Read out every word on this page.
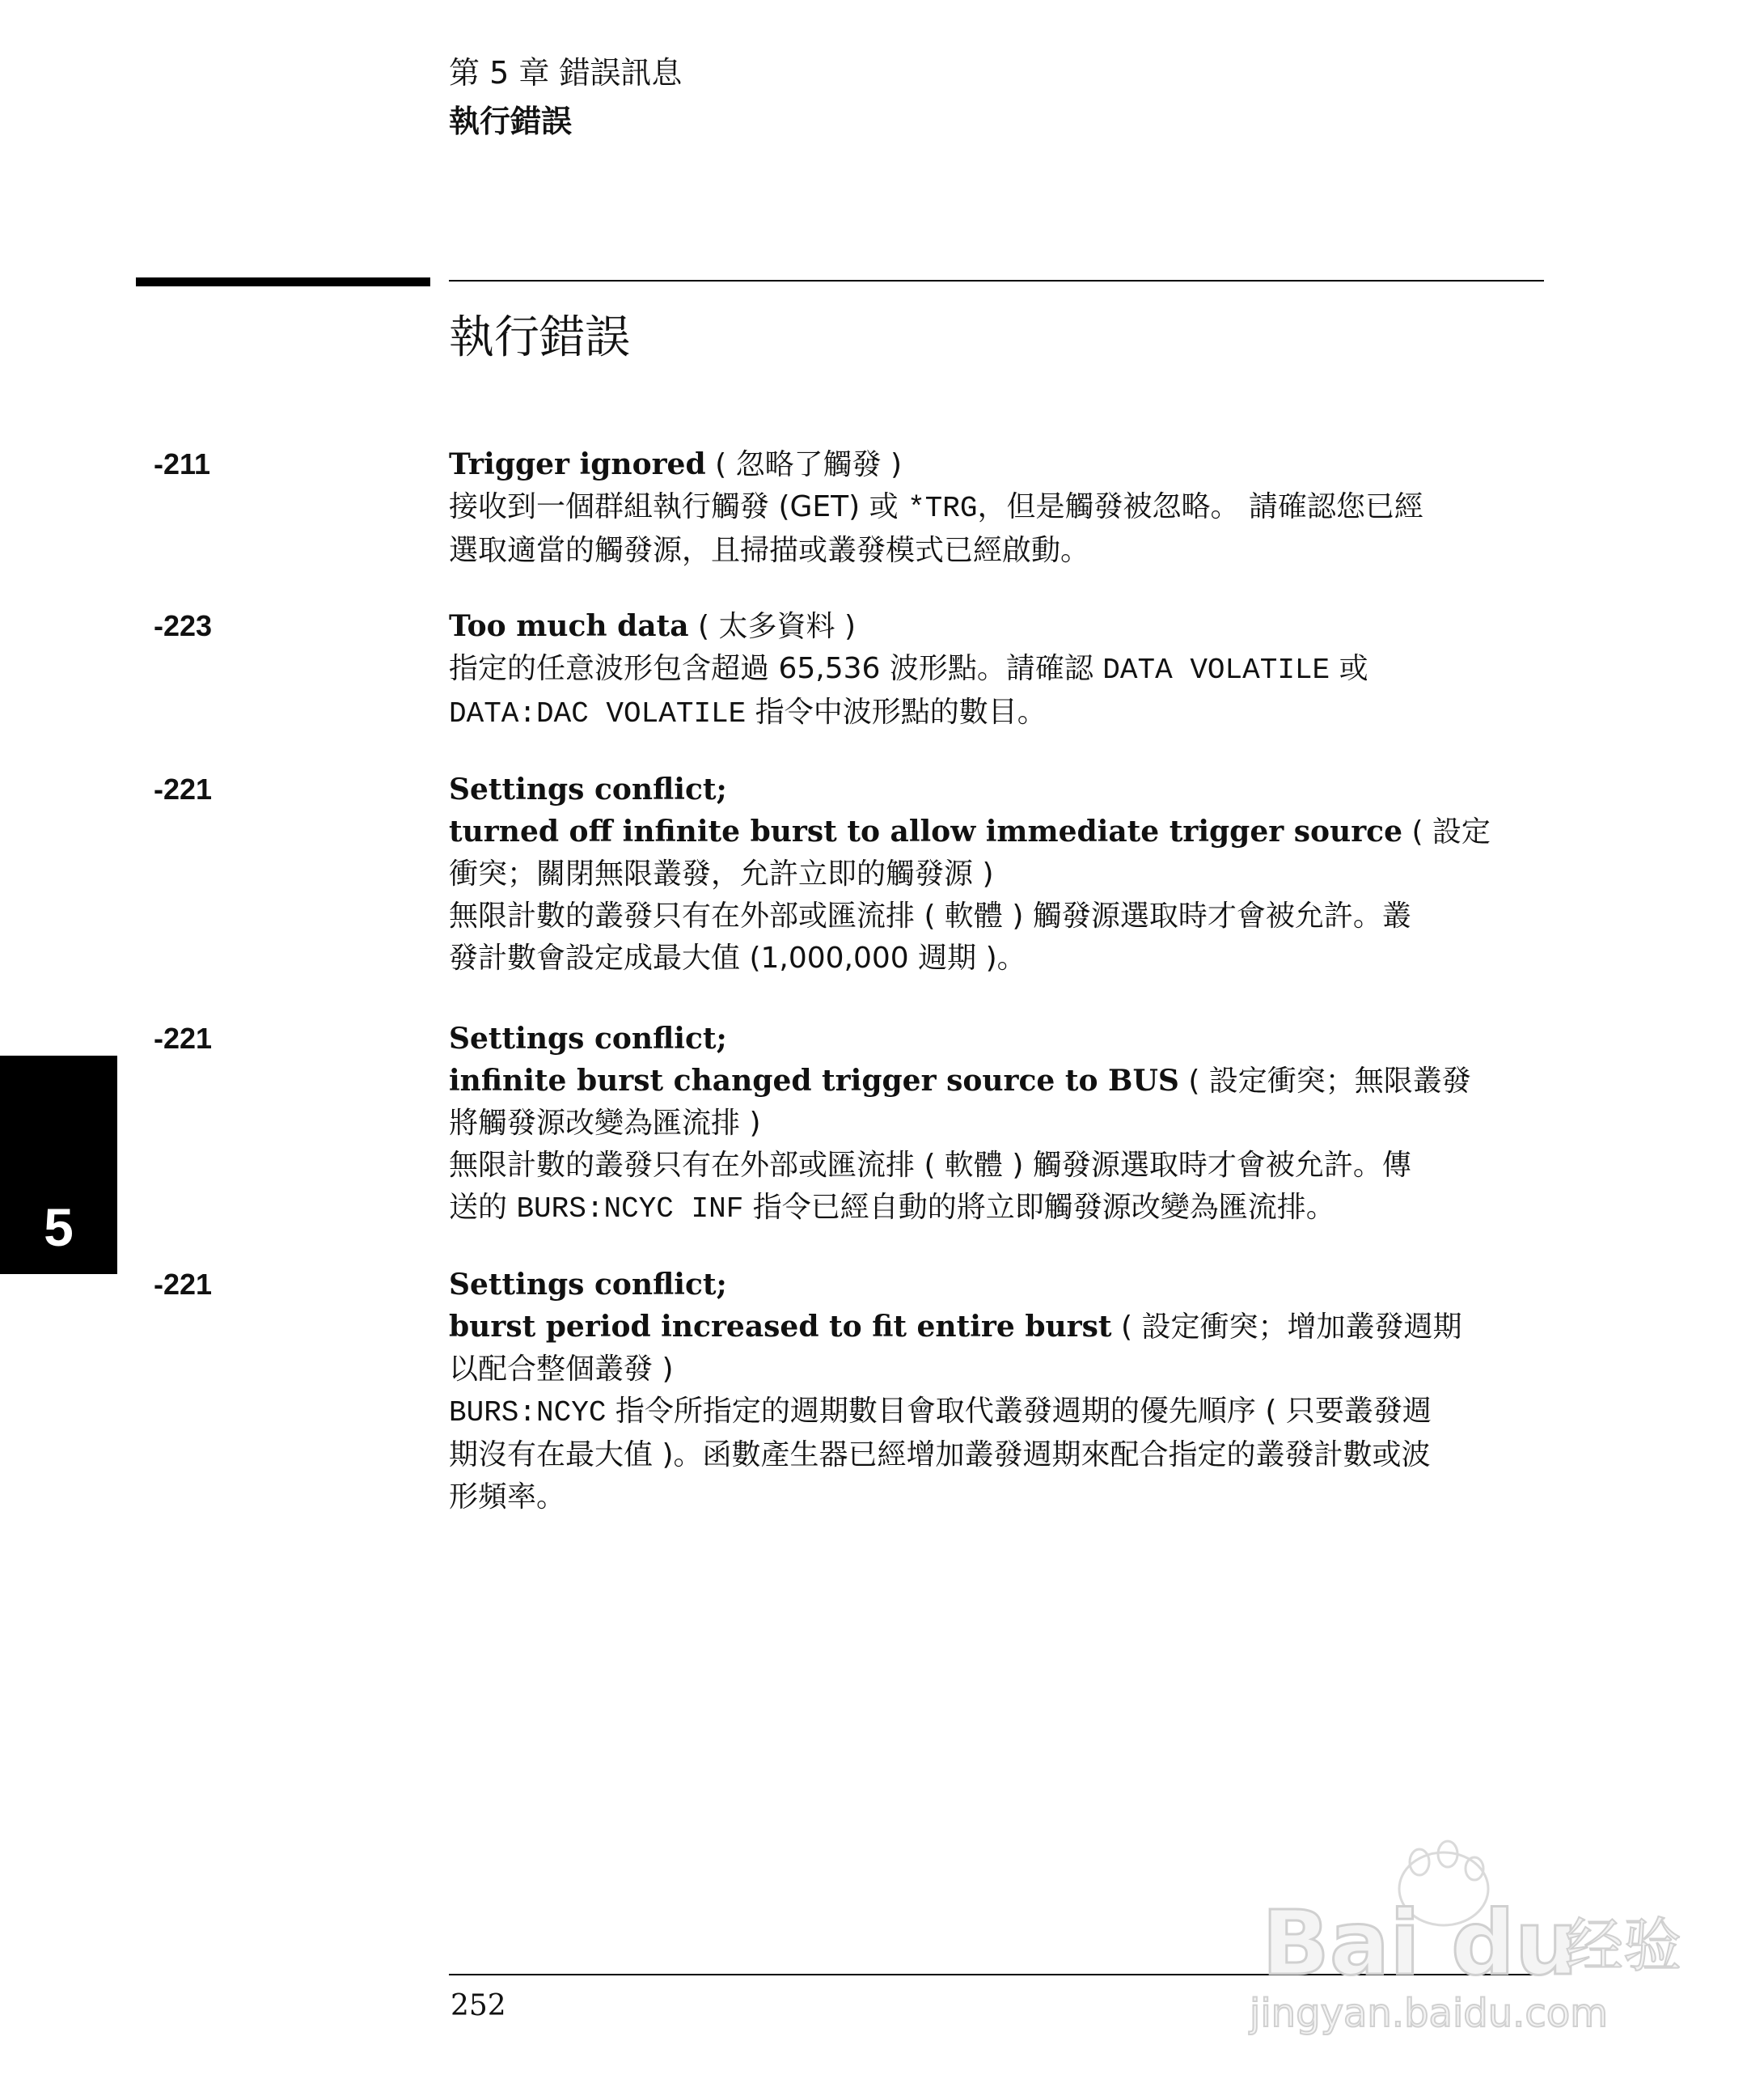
第 5 章 錯誤訊息
執行錯誤
執行錯誤
-211	Trigger ignored ( 忽略了觸發 )
接收到一個群組執行觸發 (GET) 或 *TRG，但是觸發被忽略。 請確認您已經
選取適當的觸發源，且掃描或叢發模式已經啟動。
-223	Too much data ( 太多資料 )
指定的任意波形包含超過 65,536 波形點。請確認 DATA VOLATILE 或
DATA:DAC VOLATILE 指令中波形點的數目。
-221	Settings conflict;
turned off infinite burst to allow immediate trigger source ( 設定
衝突；關閉無限叢發，允許立即的觸發源 )
無限計數的叢發只有在外部或匯流排 ( 軟體 ) 觸發源選取時才會被允許。叢
發計數會設定成最大值 (1,000,000 週期 )。
-221	Settings conflict;
infinite burst changed trigger source to BUS ( 設定衝突；無限叢發
將觸發源改變為匯流排 )
無限計數的叢發只有在外部或匯流排 ( 軟體 ) 觸發源選取時才會被允許。傳
送的 BURS:NCYC INF 指令已經自動的將立即觸發源改變為匯流排。
-221	Settings conflict;
burst period increased to fit entire burst ( 設定衝突；增加叢發週期
以配合整個叢發 )
BURS:NCYC 指令所指定的週期數目會取代叢發週期的優先順序 ( 只要叢發週
期沒有在最大值 )。函數產生器已經增加叢發週期來配合指定的叢發計數或波
形頻率。
5
252
Bai du
经验
jingyan.baidu.com
